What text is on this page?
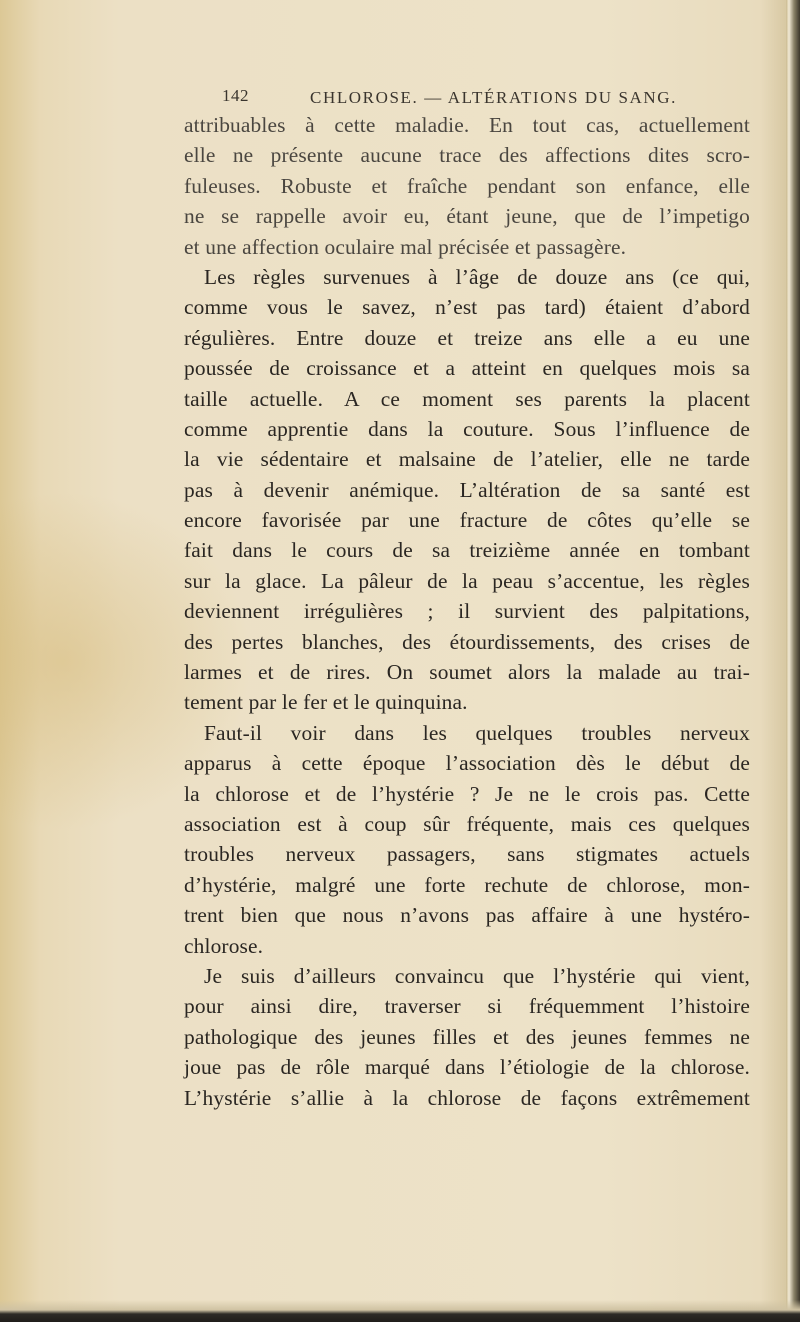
142	CHLOROSE. — ALTÉRATIONS DU SANG.
attribuables à cette maladie. En tout cas, actuellement
elle ne présente aucune trace des affections dites scro-
fuleuses. Robuste et fraîche pendant son enfance, elle
ne se rappelle avoir eu, étant jeune, que de l’impetigo
et une affection oculaire mal précisée et passagère.
Les règles survenues à l’âge de douze ans (ce qui,
comme vous le savez, n’est pas tard) étaient d’abord
régulières. Entre douze et treize ans elle a eu une
poussée de croissance et a atteint en quelques mois sa
taille actuelle. A ce moment ses parents la placent
comme apprentie dans la couture. Sous l’influence de
la vie sédentaire et malsaine de l’atelier, elle ne tarde
pas à devenir anémique. L’altération de sa santé est
encore favorisée par une fracture de côtes qu’elle se
fait dans le cours de sa treizième année en tombant
sur la glace. La pâleur de la peau s’accentue, les règles
deviennent irrégulières ; il survient des palpitations,
des pertes blanches, des étourdissements, des crises de
larmes et de rires. On soumet alors la malade au trai-
tement par le fer et le quinquina.
Faut-il voir dans les quelques troubles nerveux
apparus à cette époque l’association dès le début de
la chlorose et de l’hystérie ? Je ne le crois pas. Cette
association est à coup sûr fréquente, mais ces quelques
troubles nerveux passagers, sans stigmates actuels
d’hystérie, malgré une forte rechute de chlorose, mon-
trent bien que nous n’avons pas affaire à une hystéro-
chlorose.
Je suis d’ailleurs convaincu que l’hystérie qui vient,
pour ainsi dire, traverser si fréquemment l’histoire
pathologique des jeunes filles et des jeunes femmes ne
joue pas de rôle marqué dans l’étiologie de la chlorose.
L’hystérie s’allie à la chlorose de façons extrêmement
